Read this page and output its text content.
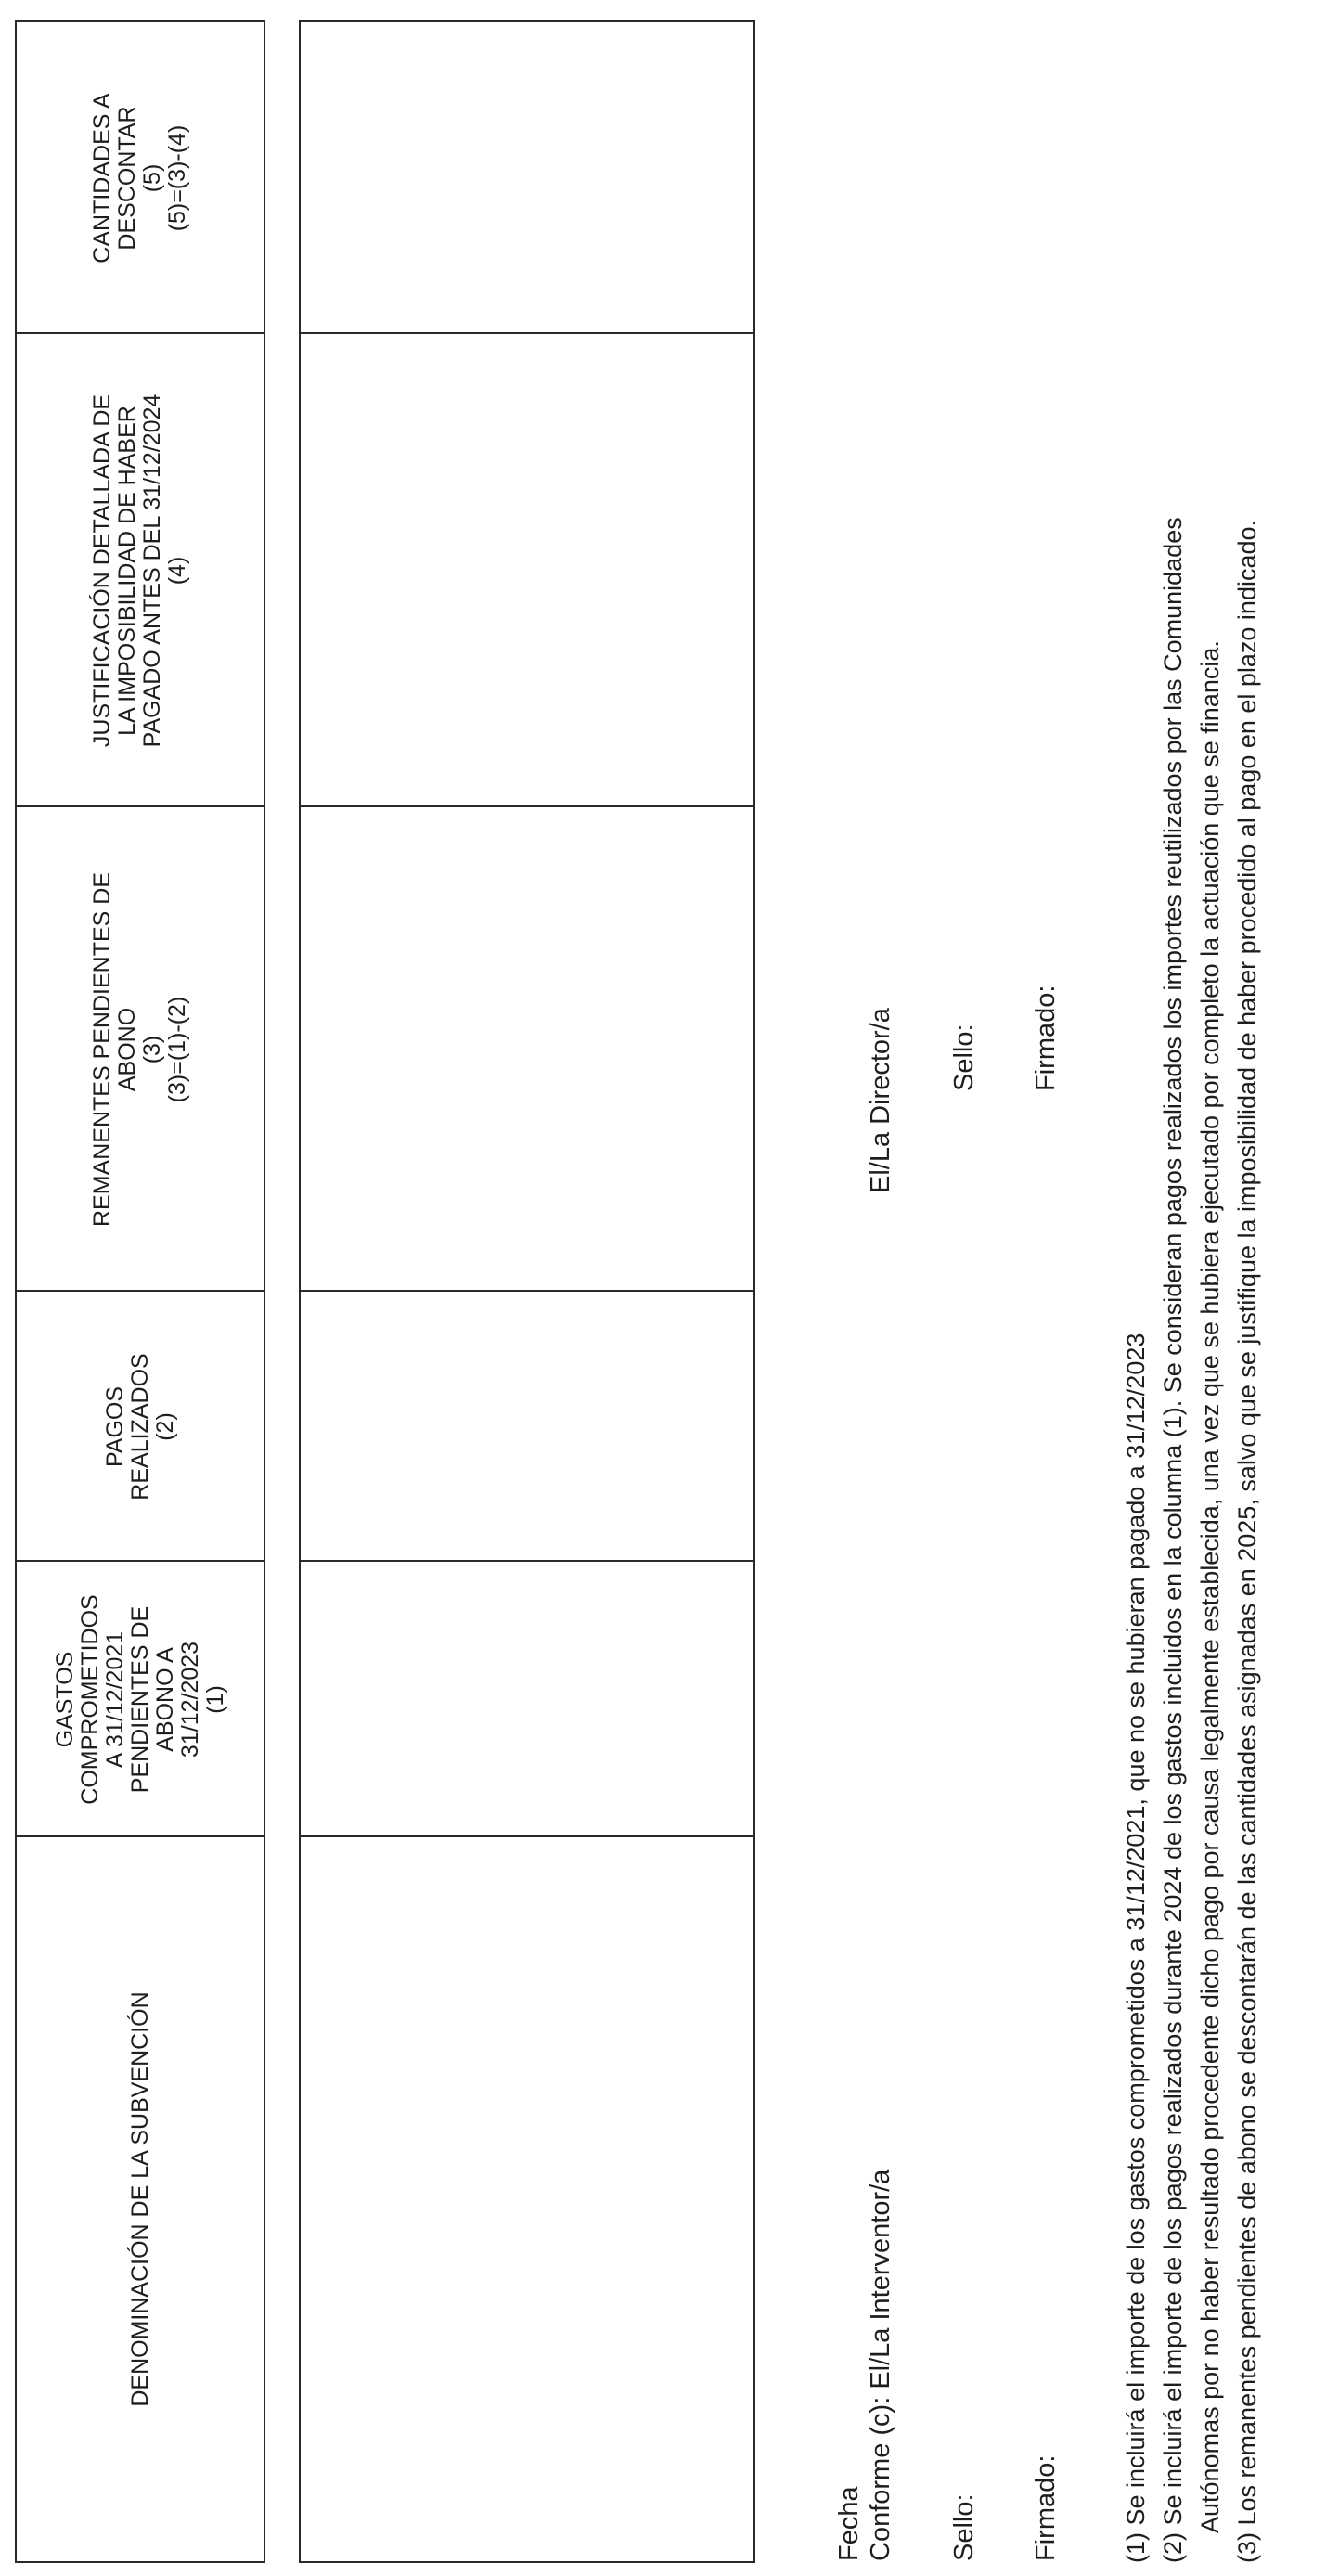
DENOMINACIÓN DE LA SUBVENCIÓN
GASTOS COMPROMETIDOS A 31/12/2021 PENDIENTES DE ABONO A 31/12/2023 (1)
PAGOS REALIZADOS (2)
REMANENTES PENDIENTES DE ABONO (3) (3)=(1)-(2)
JUSTIFICACIÓN DETALLADA DE LA IMPOSIBILIDAD DE HABER PAGADO ANTES DEL 31/12/2024 (4)
CANTIDADES A DESCONTAR (5) (5)=(3)-(4)
Fecha Conforme (c): El/La Interventor/a Sello: Firmado:
El/La Director/a Sello: Firmado:
(1) Se incluirá el importe de los gastos comprometidos a 31/12/2021, que no se hubieran pagado a 31/12/2023 (2) Se incluirá el importe de los pagos realizados durante 2024 de los gastos incluidos en la columna (1). Se consideran pagos realizados los importes reutilizados por las Comunidades Autónomas por no haber resultado procedente dicho pago por causa legalmente establecida, una vez que se hubiera ejecutado por completo la actuación que se financia. (3) Los remanentes pendientes de abono se descontarán de las cantidades asignadas en 2025, salvo que se justifique la imposibilidad de haber procedido al pago en el plazo indicado.
